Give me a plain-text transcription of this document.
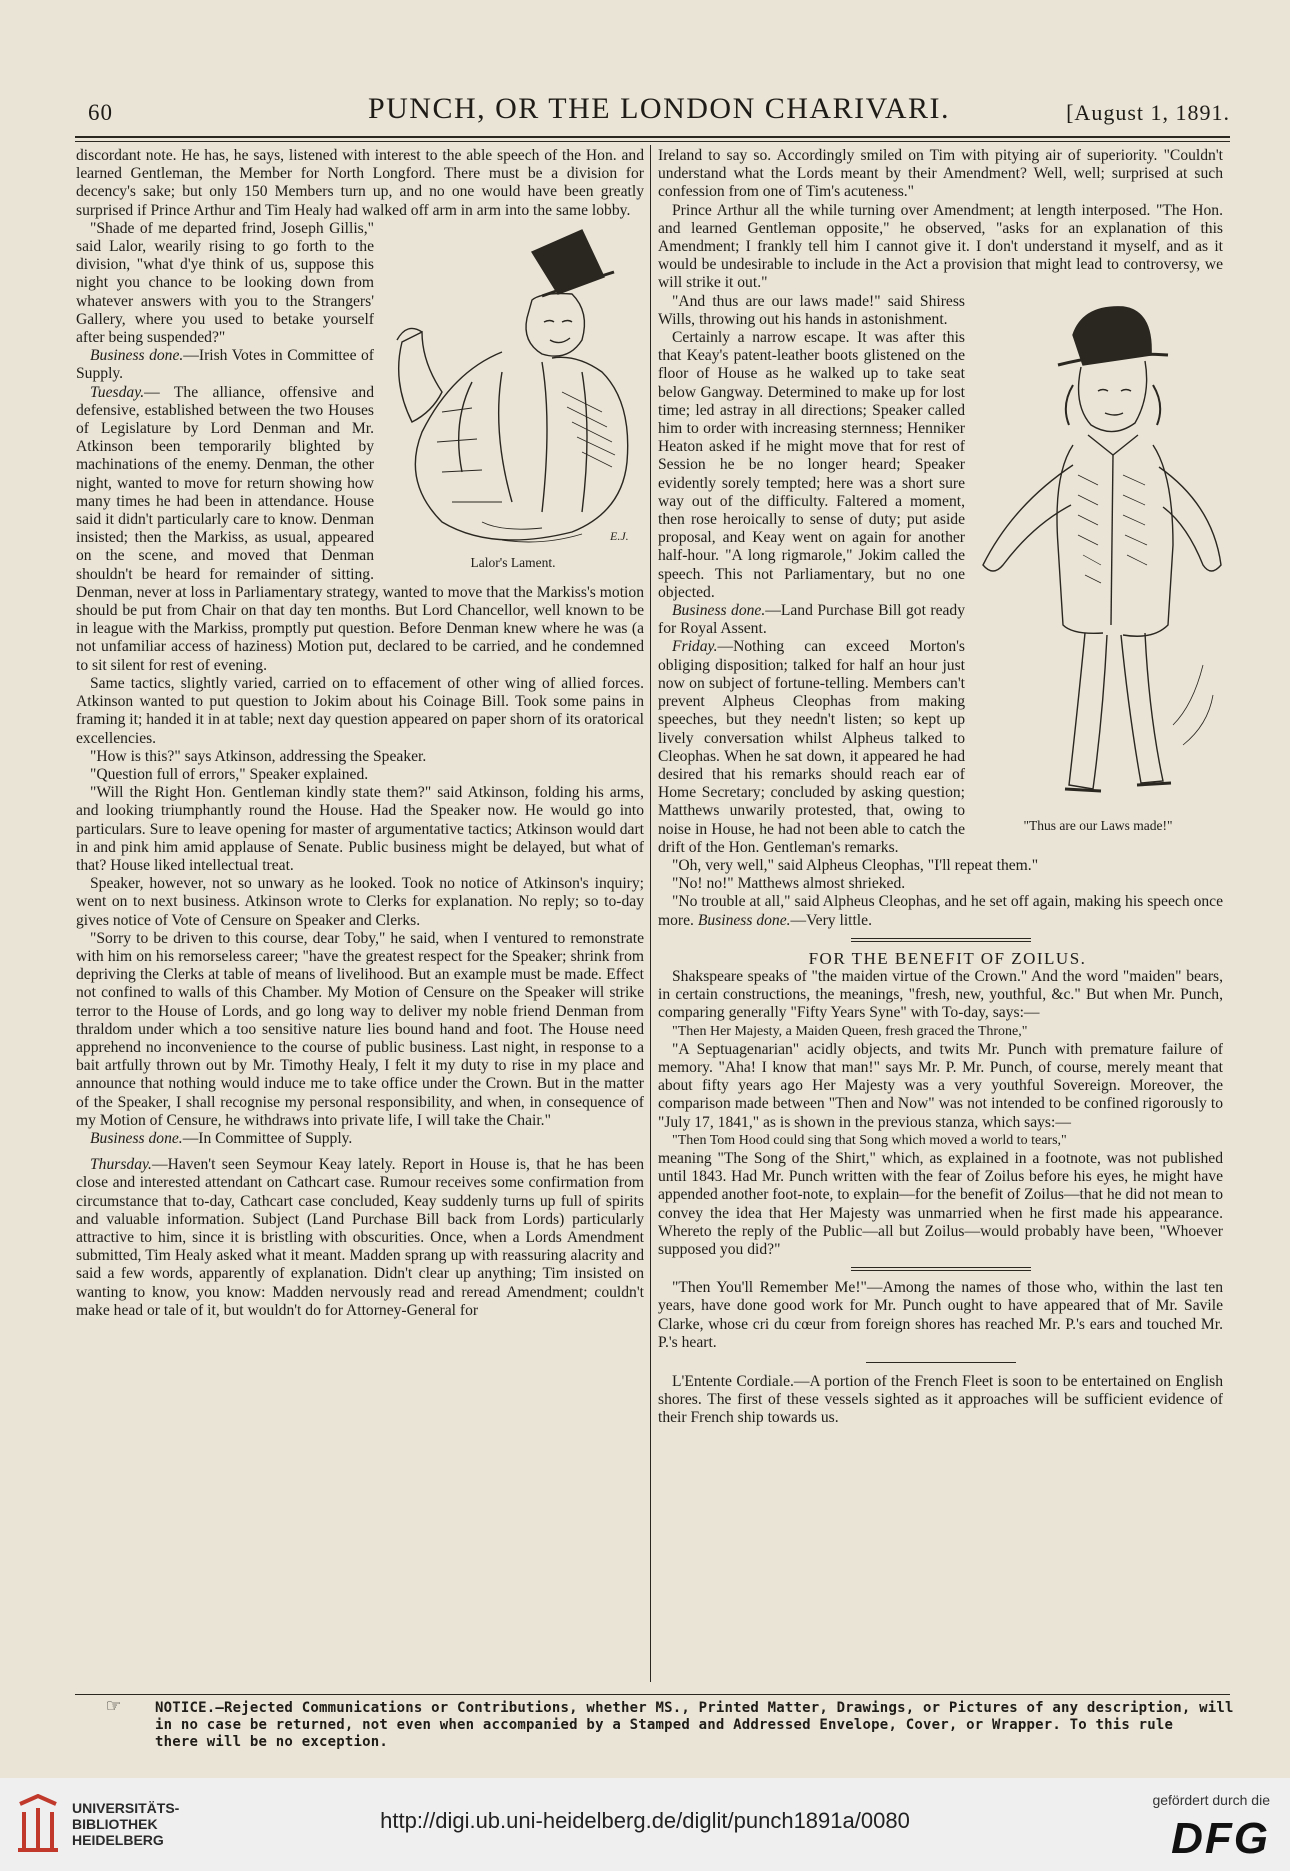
60	PUNCH, OR THE LONDON CHARIVARI.	[August 1, 1891.

discordant note. He has, he says, listened with interest to the able speech of the Hon. and learned Gentleman, the Member for North Longford. There must be a division for decency's sake; but only 150 Members turn up, and no one would have been greatly surprised if Prince Arthur and Tim Healy had walked off arm in arm into the same lobby.

E.J.
Lalor's Lament.

"Shade of me departed frind, Joseph Gillis," said Lalor, wearily rising to go forth to the division, "what d'ye think of us, suppose this night you chance to be looking down from whatever answers with you to the Strangers' Gallery, where you used to betake yourself after being suspended?"

Business done.—Irish Votes in Committee of Supply.

Tuesday.— The alliance, offensive and defensive, established between the two Houses of Legislature by Lord Denman and Mr. Atkinson been temporarily blighted by machinations of the enemy. Denman, the other night, wanted to move for return showing how many times he had been in attendance. House said it didn't particularly care to know. Denman insisted; then the Markiss, as usual, appeared on the scene, and moved that Denman shouldn't be heard for remainder of sitting. Denman, never at loss in Parliamentary strategy, wanted to move that the Markiss's motion should be put from Chair on that day ten months. But Lord Chancellor, well known to be in league with the Markiss, promptly put question. Before Denman knew where he was (a not unfamiliar access of haziness) Motion put, declared to be carried, and he condemned to sit silent for rest of evening.

Same tactics, slightly varied, carried on to effacement of other wing of allied forces. Atkinson wanted to put question to Jokim about his Coinage Bill. Took some pains in framing it; handed it in at table; next day question appeared on paper shorn of its oratorical excellencies.

"How is this?" says Atkinson, addressing the Speaker.

"Question full of errors," Speaker explained.

"Will the Right Hon. Gentleman kindly state them?" said Atkinson, folding his arms, and looking triumphantly round the House. Had the Speaker now. He would go into particulars. Sure to leave opening for master of argumentative tactics; Atkinson would dart in and pink him amid applause of Senate. Public business might be delayed, but what of that? House liked intellectual treat.

Speaker, however, not so unwary as he looked. Took no notice of Atkinson's inquiry; went on to next business. Atkinson wrote to Clerks for explanation. No reply; so to-day gives notice of Vote of Censure on Speaker and Clerks.

"Sorry to be driven to this course, dear Toby," he said, when I ventured to remonstrate with him on his remorseless career; "have the greatest respect for the Speaker; shrink from depriving the Clerks at table of means of livelihood. But an example must be made. Effect not confined to walls of this Chamber. My Motion of Censure on the Speaker will strike terror to the House of Lords, and go long way to deliver my noble friend Denman from thraldom under which a too sensitive nature lies bound hand and foot. The House need apprehend no inconvenience to the course of public business. Last night, in response to a bait artfully thrown out by Mr. Timothy Healy, I felt it my duty to rise in my place and announce that nothing would induce me to take office under the Crown. But in the matter of the Speaker, I shall recognise my personal responsibility, and when, in consequence of my Motion of Censure, he withdraws into private life, I will take the Chair."

Business done.—In Committee of Supply.

Thursday.—Haven't seen Seymour Keay lately. Report in House is, that he has been close and interested attendant on Cathcart case. Rumour receives some confirmation from circumstance that to-day, Cathcart case concluded, Keay suddenly turns up full of spirits and valuable information. Subject (Land Purchase Bill back from Lords) particularly attractive to him, since it is bristling with obscurities. Once, when a Lords Amendment submitted, Tim Healy asked what it meant. Madden sprang up with reassuring alacrity and said a few words, apparently of explanation. Didn't clear up anything; Tim insisted on wanting to know, you know: Madden nervously read and reread Amendment; couldn't make head or tale of it, but wouldn't do for Attorney-General for

Ireland to say so. Accordingly smiled on Tim with pitying air of superiority. "Couldn't understand what the Lords meant by their Amendment? Well, well; surprised at such confession from one of Tim's acuteness."

Prince Arthur all the while turning over Amendment; at length interposed. "The Hon. and learned Gentleman opposite," he observed, "asks for an explanation of this Amendment; I frankly tell him I cannot give it. I don't understand it myself, and as it would be undesirable to include in the Act a provision that might lead to controversy, we will strike it out."

"Thus are our Laws made!"

"And thus are our laws made!" said Shiress Wills, throwing out his hands in astonishment.

Certainly a narrow escape. It was after this that Keay's patent-leather boots glistened on the floor of House as he walked up to take seat below Gangway. Determined to make up for lost time; led astray in all directions; Speaker called him to order with increasing sternness; Henniker Heaton asked if he might move that for rest of Session he be no longer heard; Speaker evidently sorely tempted; here was a short sure way out of the difficulty. Faltered a moment, then rose heroically to sense of duty; put aside proposal, and Keay went on again for another half-hour. "A long rigmarole," Jokim called the speech. This not Parliamentary, but no one objected.

Business done.—Land Purchase Bill got ready for Royal Assent.

Friday.—Nothing can exceed Morton's obliging disposition; talked for half an hour just now on subject of fortune-telling. Members can't prevent Alpheus Cleophas from making speeches, but they needn't listen; so kept up lively conversation whilst Alpheus talked to Cleophas. When he sat down, it appeared he had desired that his remarks should reach ear of Home Secretary; concluded by asking question; Matthews unwarily protested, that, owing to noise in House, he had not been able to catch the drift of the Hon. Gentleman's remarks.

"Oh, very well," said Alpheus Cleophas, "I'll repeat them."

"No! no!" Matthews almost shrieked.

"No trouble at all," said Alpheus Cleophas, and he set off again, making his speech once more. Business done.—Very little.

FOR THE BENEFIT OF ZOILUS.

Shakspeare speaks of "the maiden virtue of the Crown." And the word "maiden" bears, in certain constructions, the meanings, "fresh, new, youthful, &c." But when Mr. Punch, comparing generally "Fifty Years Syne" with To-day, says:—

"Then Her Majesty, a Maiden Queen, fresh graced the Throne,"

"A Septuagenarian" acidly objects, and twits Mr. Punch with premature failure of memory. "Aha! I know that man!" says Mr. P. Mr. Punch, of course, merely meant that about fifty years ago Her Majesty was a very youthful Sovereign. Moreover, the comparison made between "Then and Now" was not intended to be confined rigorously to "July 17, 1841," as is shown in the previous stanza, which says:—

"Then Tom Hood could sing that Song which moved a world to tears,"

meaning "The Song of the Shirt," which, as explained in a footnote, was not published until 1843. Had Mr. Punch written with the fear of Zoilus before his eyes, he might have appended another foot-note, to explain—for the benefit of Zoilus—that he did not mean to convey the idea that Her Majesty was unmarried when he first made his appearance. Whereto the reply of the Public—all but Zoilus—would probably have been, "Whoever supposed you did?"

"Then You'll Remember Me!"—Among the names of those who, within the last ten years, have done good work for Mr. Punch ought to have appeared that of Mr. Savile Clarke, whose cri du cœur from foreign shores has reached Mr. P.'s ears and touched Mr. P.'s heart.

L'Entente Cordiale.—A portion of the French Fleet is soon to be entertained on English shores. The first of these vessels sighted as it approaches will be sufficient evidence of their French ship towards us.

☞ NOTICE.—Rejected Communications or Contributions, whether MS., Printed Matter, Drawings, or Pictures of any description, will
in no case be returned, not even when accompanied by a Stamped and Addressed Envelope, Cover, or Wrapper. To this rule
there will be no exception.
UNIVERSITÄTS-
BIBLIOTHEK
HEIDELBERG
http://digi.ub.uni-heidelberg.de/diglit/punch1891a/0080
gefördert durch die
DFG
